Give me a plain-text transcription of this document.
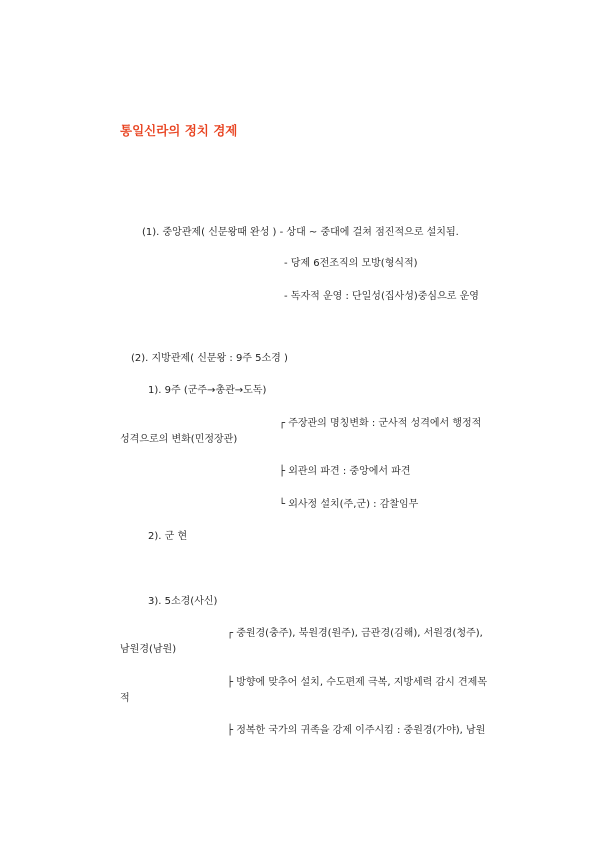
통일신라의 정치 경제
(1). 중앙관제( 신문왕때 완성 ) - 상대 ~ 중대에 걸쳐 점진적으로 설치됨.
- 당제 6전조직의 모방(형식적)
- 독자적 운영 : 단일성(집사성)중심으로 운영
(2). 지방관제( 신문왕 : 9주 5소경 )
1). 9주 (군주→총관→도독)
┌ 주장관의 명칭변화 : 군사적 성격에서 행정적
성격으로의 변화(민정장관)
├ 외관의 파견 : 중앙에서 파견
└ 외사정 설치(주,군) : 감찰임무
2). 군 현
3). 5소경(사신)
┌ 중원경(충주), 북원경(원주), 금관경(김해), 서원경(청주),
남원경(남원)
├ 방향에 맞추어 설치, 수도편제 극복, 지방세력 감시 견제목
적
├ 정복한 국가의 귀족을 강제 이주시킴 : 중원경(가야), 남원
